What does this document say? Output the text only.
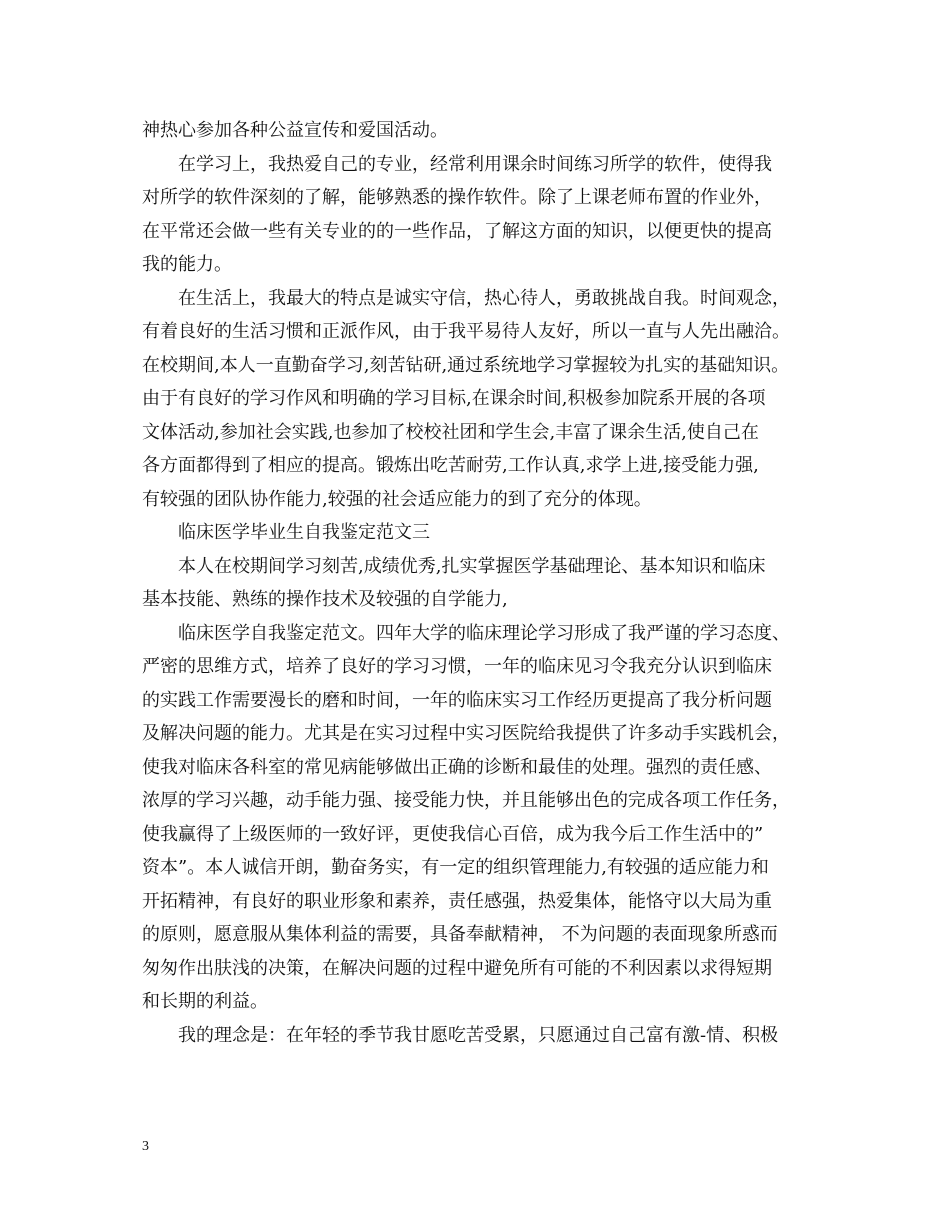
神热心参加各种公益宣传和爱国活动。
在学习上，我热爱自己的专业，经常利用课余时间练习所学的软件，使得我
对所学的软件深刻的了解，能够熟悉的操作软件。除了上课老师布置的作业外，
在平常还会做一些有关专业的的一些作品，了解这方面的知识，以便更快的提高
我的能力。
在生活上，我最大的特点是诚实守信，热心待人，勇敢挑战自我。时间观念，
有着良好的生活习惯和正派作风，由于我平易待人友好，所以一直与人先出融洽。
在校期间,本人一直勤奋学习,刻苦钻研,通过系统地学习掌握较为扎实的基础知识。
由于有良好的学习作风和明确的学习目标,在课余时间,积极参加院系开展的各项
文体活动,参加社会实践,也参加了校校社团和学生会,丰富了课余生活,使自己在
各方面都得到了相应的提高。锻炼出吃苦耐劳,工作认真,求学上进,接受能力强,
有较强的团队协作能力,较强的社会适应能力的到了充分的体现。
临床医学毕业生自我鉴定范文三
本人在校期间学习刻苦,成绩优秀,扎实掌握医学基础理论、基本知识和临床
基本技能、熟练的操作技术及较强的自学能力,
临床医学自我鉴定范文。四年大学的临床理论学习形成了我严谨的学习态度、
严密的思维方式，培养了良好的学习习惯，一年的临床见习令我充分认识到临床
的实践工作需要漫长的磨和时间，一年的临床实习工作经历更提高了我分析问题
及解决问题的能力。尤其是在实习过程中实习医院给我提供了许多动手实践机会，
使我对临床各科室的常见病能够做出正确的诊断和最佳的处理。强烈的责任感、
浓厚的学习兴趣，动手能力强、接受能力快，并且能够出色的完成各项工作任务，
使我赢得了上级医师的一致好评，更使我信心百倍，成为我今后工作生活中的”
资本”。本人诚信开朗，勤奋务实，有一定的组织管理能力,有较强的适应能力和
开拓精神，有良好的职业形象和素养，责任感强，热爱集体，能恪守以大局为重
的原则，愿意服从集体利益的需要，具备奉献精神， 不为问题的表面现象所惑而
匆匆作出肤浅的决策，在解决问题的过程中避免所有可能的不利因素以求得短期
和长期的利益。
我的理念是：在年轻的季节我甘愿吃苦受累，只愿通过自己富有激-情、积极
3
